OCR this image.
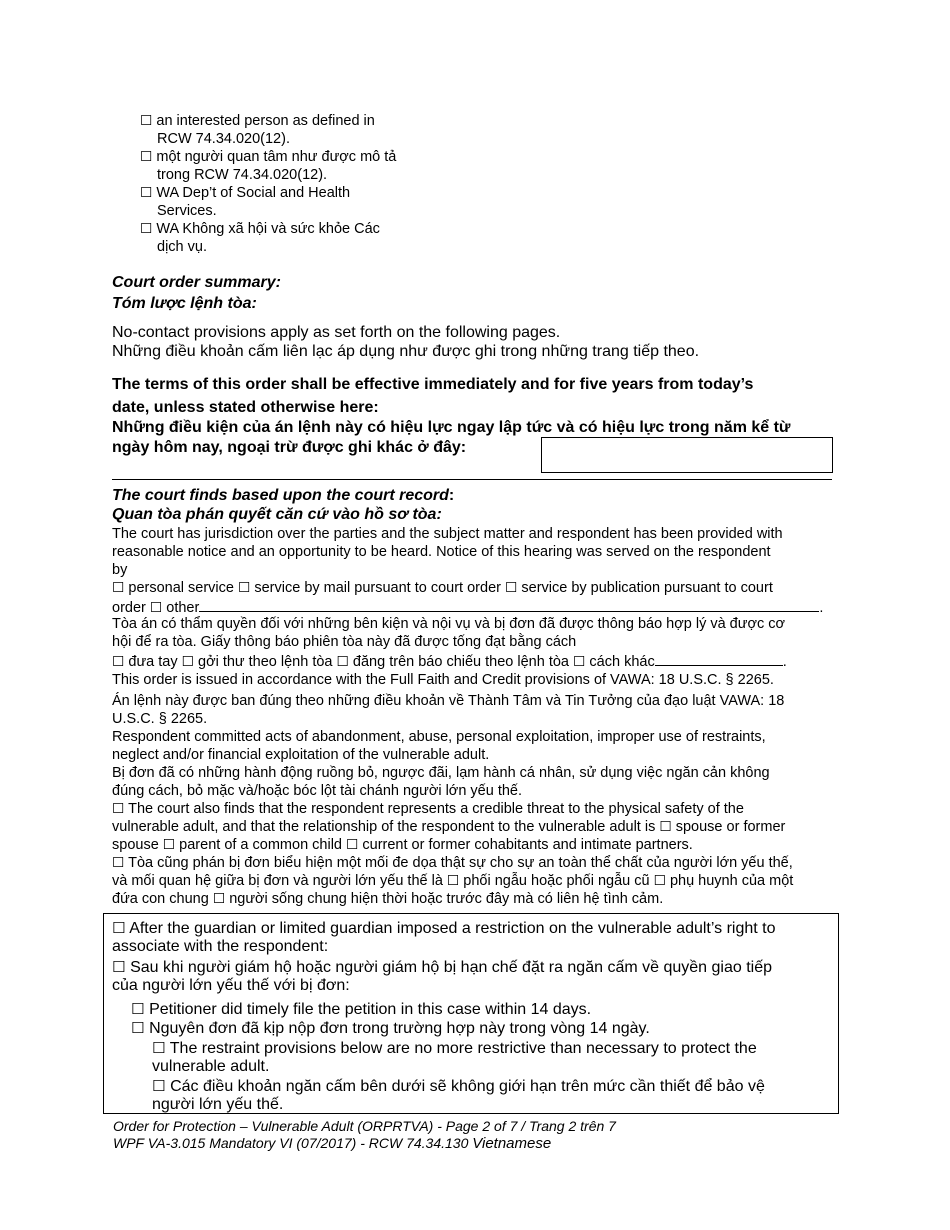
☐ an interested person as defined in
RCW 74.34.020(12).
☐ một người quan tâm như được mô tả
trong RCW 74.34.020(12).
☐ WA Dep’t of Social and Health
Services.
☐ WA Không xã hội và sức khỏe Các
dịch vụ.
Court order summary:
Tóm lược lệnh tòa:
No-contact provisions apply as set forth on the following pages.
Những điều khoản cấm liên lạc áp dụng như được ghi trong những trang tiếp theo.
The terms of this order shall be effective immediately and for five years from today’s
date, unless stated otherwise here:
Những điều kiện của án lệnh này có hiệu lực ngay lập tức và có hiệu lực trong năm kể từ
ngày hôm nay, ngoại trừ được ghi khác ở đây:
The court finds based upon the court record:
Quan tòa phán quyết căn cứ vào hồ sơ tòa:
The court has jurisdiction over the parties and the subject matter and respondent has been provided with
reasonable notice and an opportunity to be heard. Notice of this hearing was served on the respondent
by
☐ personal service ☐ service by mail pursuant to court order ☐ service by publication pursuant to court
order ☐ other	.
Tòa án có thẩm quyền đối với những bên kiện và nội vụ và bị đơn đã được thông báo hợp lý và được cơ
hội để ra tòa. Giấy thông báo phiên tòa này đã được tống đạt bằng cách
☐ đưa tay ☐ gởi thư theo lệnh tòa ☐ đăng trên báo chiếu theo lệnh tòa ☐ cách khác	.
This order is issued in accordance with the Full Faith and Credit provisions of VAWA: 18 U.S.C. § 2265.
Án lệnh này được ban đúng theo những điều khoản về Thành Tâm và Tin Tưởng của đạo luật VAWA: 18
U.S.C. § 2265.
Respondent committed acts of abandonment, abuse, personal exploitation, improper use of restraints,
neglect and/or financial exploitation of the vulnerable adult.
Bị đơn đã có những hành động ruồng bỏ, ngược đãi, lạm hành cá nhân, sử dụng việc ngăn cản không
đúng cách, bỏ mặc và/hoặc bóc lột tài chánh người lớn yếu thế.
☐ The court also finds that the respondent represents a credible threat to the physical safety of the
vulnerable adult, and that the relationship of the respondent to the vulnerable adult is ☐ spouse or former
spouse ☐ parent of a common child ☐ current or former cohabitants and intimate partners.
☐ Tòa cũng phán bị đơn biểu hiện một mối đe dọa thật sự cho sự an toàn thể chất của người lớn yếu thế,
và mối quan hệ giữa bị đơn và người lớn yếu thế là ☐ phối ngẫu hoặc phối ngẫu cũ ☐ phụ huynh của một
đứa con chung ☐ người sống chung hiện thời hoặc trước đây mà có liên hệ tình cảm.
☐ After the guardian or limited guardian imposed a restriction on the vulnerable adult’s right to
associate with the respondent:
☐ Sau khi người giám hộ hoặc người giám hộ bị hạn chế đặt ra ngăn cấm về quyền giao tiếp
của người lớn yếu thế với bị đơn:
☐ Petitioner did timely file the petition in this case within 14 days.
☐ Nguyên đơn đã kịp nộp đơn trong trường hợp này trong vòng 14 ngày.
☐ The restraint provisions below are no more restrictive than necessary to protect the
vulnerable adult.
☐ Các điều khoản ngăn cấm bên dưới sẽ không giới hạn trên mức cần thiết để bảo vệ
người lớn yếu thế.
Order for Protection – Vulnerable Adult (ORPRTVA) - Page 2 of 7 / Trang 2 trên 7
WPF VA-3.015 Mandatory VI (07/2017) - RCW 74.34.130 Vietnamese
